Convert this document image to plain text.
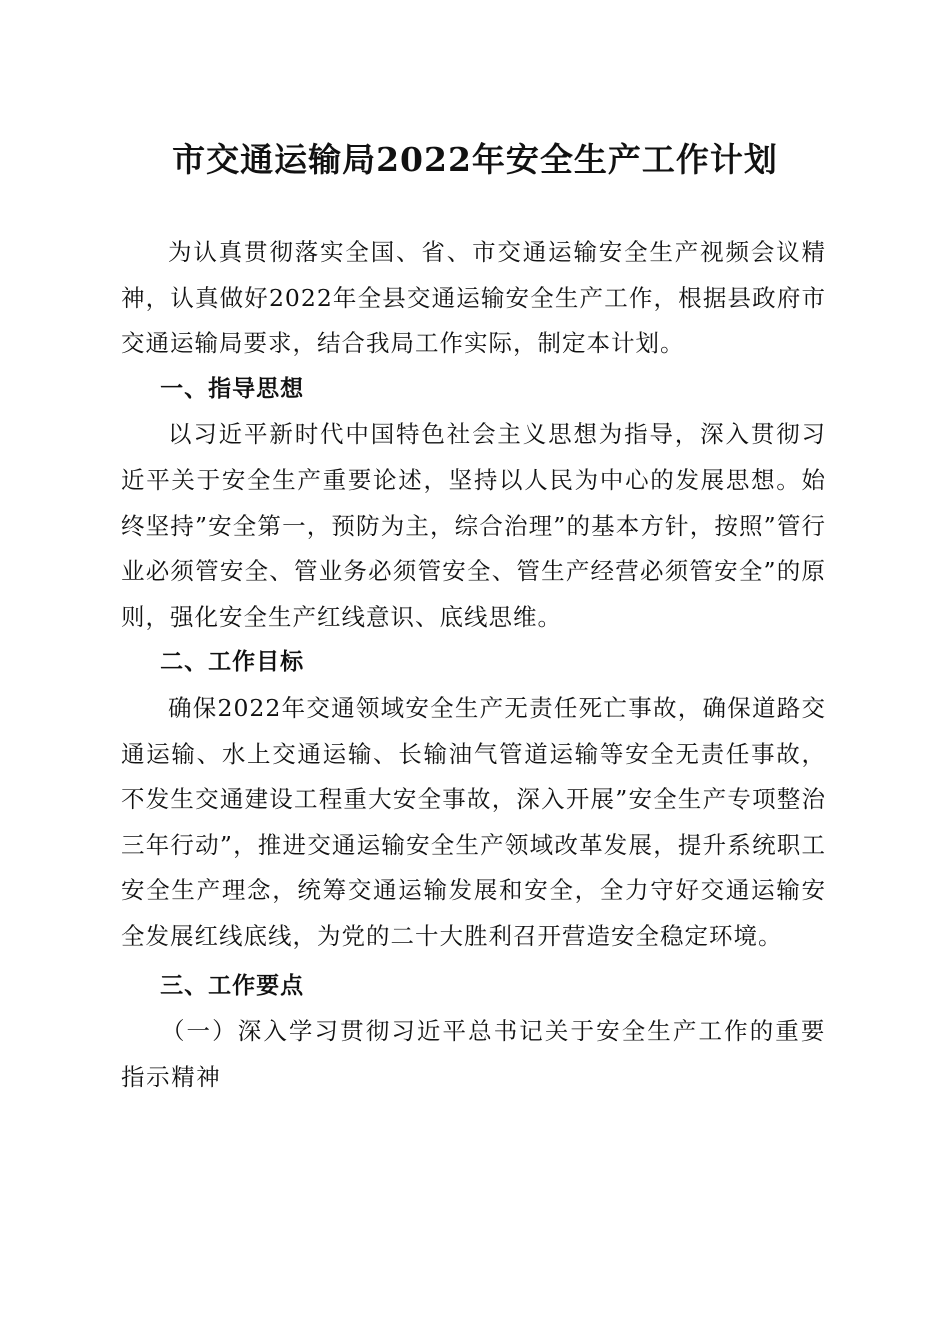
市交通运输局2022年安全生产工作计划

为认真贯彻落实全国、省、市交通运输安全生产视频会议精神，认真做好2022年全县交通运输安全生产工作，根据县政府市交通运输局要求，结合我局工作实际，制定本计划。

一、指导思想

以习近平新时代中国特色社会主义思想为指导，深入贯彻习近平关于安全生产重要论述，坚持以人民为中心的发展思想。始终坚持”安全第一，预防为主，综合治理”的基本方针，按照”管行业必须管安全、管业务必须管安全、管生产经营必须管安全”的原则，强化安全生产红线意识、底线思维。

二、工作目标

确保2022年交通领域安全生产无责任死亡事故，确保道路交通运输、水上交通运输、长输油气管道运输等安全无责任事故，不发生交通建设工程重大安全事故，深入开展”安全生产专项整治三年行动”，推进交通运输安全生产领域改革发展，提升系统职工安全生产理念，统筹交通运输发展和安全，全力守好交通运输安全发展红线底线，为党的二十大胜利召开营造安全稳定环境。

三、工作要点

（一）深入学习贯彻习近平总书记关于安全生产工作的重要指示精神
